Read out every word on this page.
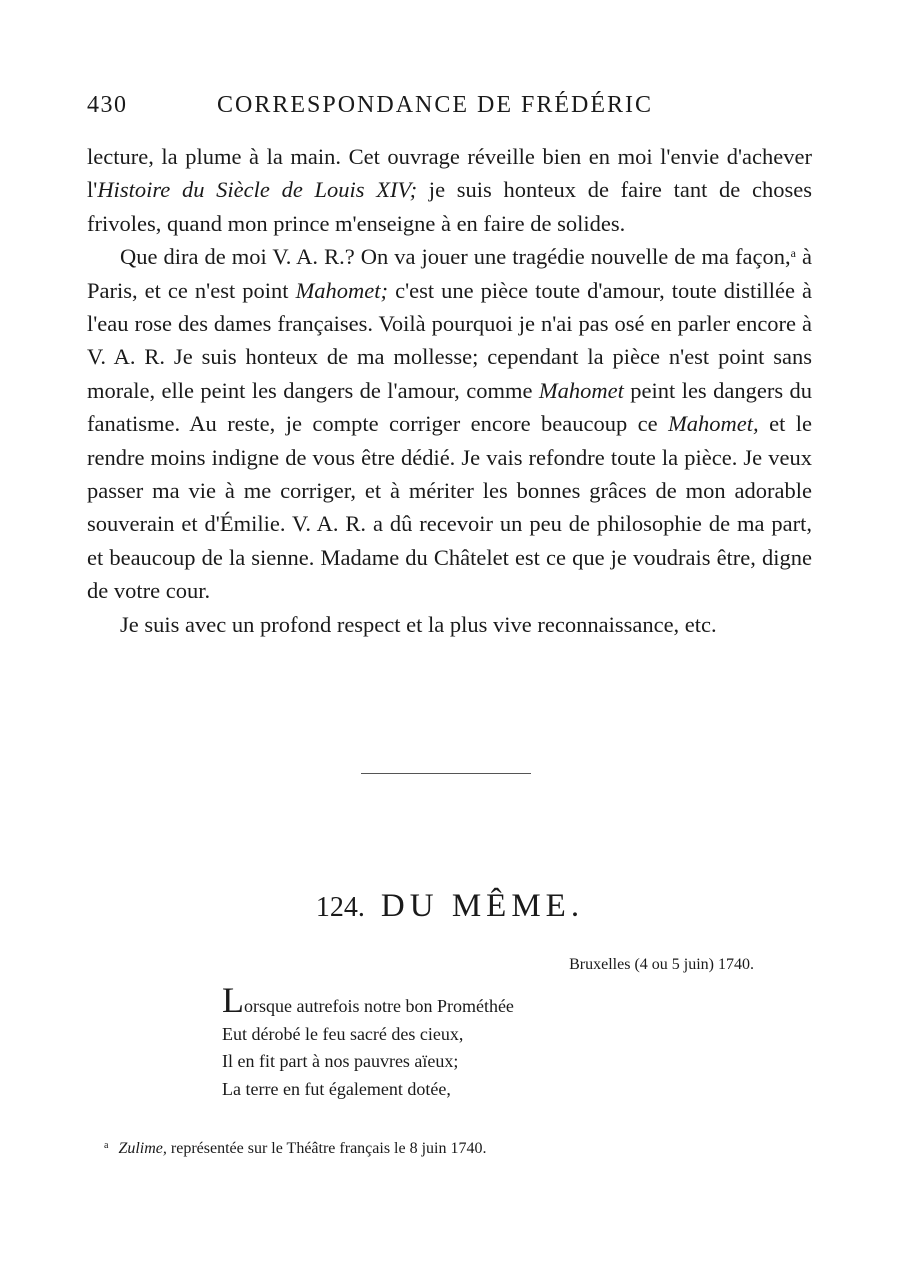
430	CORRESPONDANCE DE FRÉDÉRIC

lecture, la plume à la main. Cet ouvrage réveille bien en moi l'envie d'achever l'Histoire du Siècle de Louis XIV; je suis honteux de faire tant de choses frivoles, quand mon prince m'enseigne à en faire de solides.

Que dira de moi V. A. R.? On va jouer une tragédie nouvelle de ma façon,$^a$ à Paris, et ce n'est point Mahomet; c'est une pièce toute d'amour, toute distillée à l'eau rose des dames françaises. Voilà pourquoi je n'ai pas osé en parler encore à V. A. R. Je suis honteux de ma mollesse; cependant la pièce n'est point sans morale, elle peint les dangers de l'amour, comme Mahomet peint les dangers du fanatisme. Au reste, je compte corriger encore beaucoup ce Mahomet, et le rendre moins indigne de vous être dédié. Je vais refondre toute la pièce. Je veux passer ma vie à me corriger, et à mériter les bonnes grâces de mon adorable souverain et d'Émilie. V. A. R. a dû recevoir un peu de philosophie de ma part, et beaucoup de la sienne. Madame du Châtelet est ce que je voudrais être, digne de votre cour.

Je suis avec un profond respect et la plus vive reconnaissance, etc.

124. DU MÊME.
Bruxelles (4 ou 5 juin) 1740.
Lorsque autrefois notre bon Prométhée
Eut dérobé le feu sacré des cieux,
Il en fit part à nos pauvres aïeux;
La terre en fut également dotée,
$^a$ Zulime, représentée sur le Théâtre français le 8 juin 1740.
